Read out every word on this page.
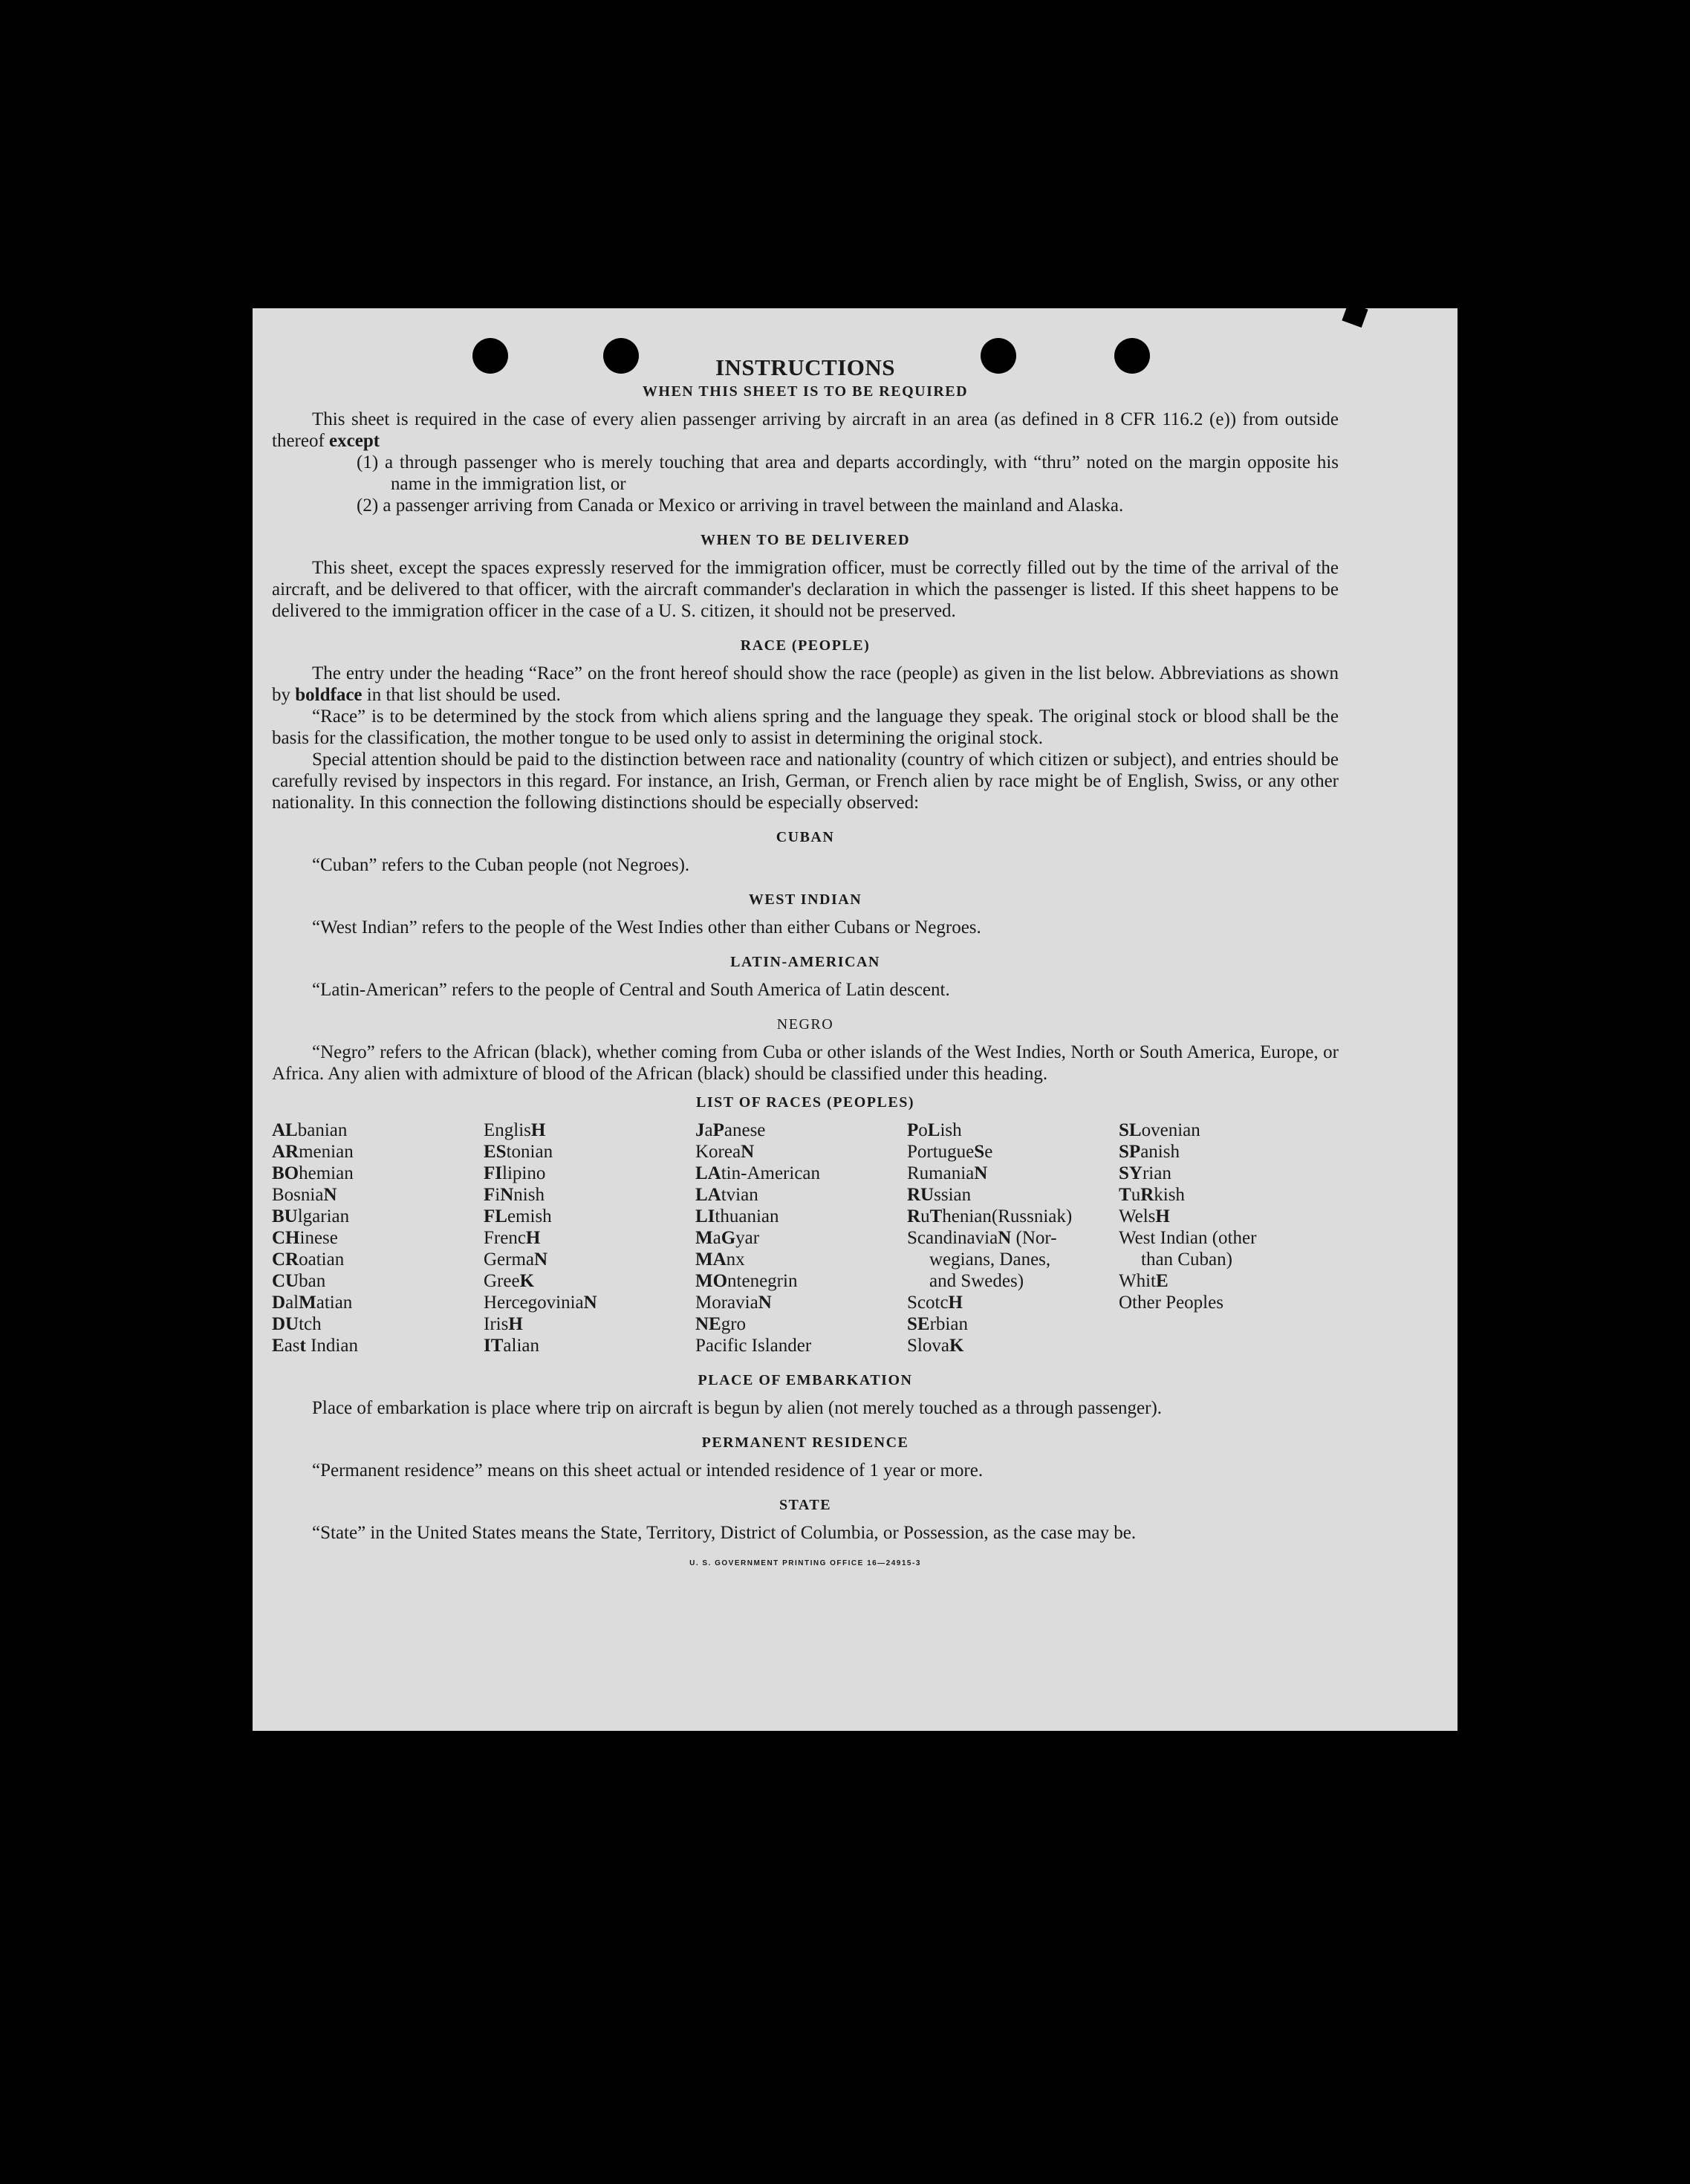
INSTRUCTIONS
WHEN THIS SHEET IS TO BE REQUIRED

This sheet is required in the case of every alien passenger arriving by aircraft in an area (as defined in 8 CFR 116.2 (e)) from outside thereof except

(1) a through passenger who is merely touching that area and departs accordingly, with “thru” noted on the margin opposite his name in the immigration list, or

(2) a passenger arriving from Canada or Mexico or arriving in travel between the mainland and Alaska.

WHEN TO BE DELIVERED

This sheet, except the spaces expressly reserved for the immigration officer, must be correctly filled out by the time of the arrival of the aircraft, and be delivered to that officer, with the aircraft commander's declaration in which the passenger is listed. If this sheet happens to be delivered to the immigration officer in the case of a U. S. citizen, it should not be preserved.

RACE (PEOPLE)

The entry under the heading “Race” on the front hereof should show the race (people) as given in the list below. Abbreviations as shown by boldface in that list should be used.

“Race” is to be determined by the stock from which aliens spring and the language they speak. The original stock or blood shall be the basis for the classification, the mother tongue to be used only to assist in determining the original stock.

Special attention should be paid to the distinction between race and nationality (country of which citizen or subject), and entries should be carefully revised by inspectors in this regard. For instance, an Irish, German, or French alien by race might be of English, Swiss, or any other nationality. In this connection the following distinctions should be especially observed:

CUBAN

“Cuban” refers to the Cuban people (not Negroes).

WEST INDIAN

“West Indian” refers to the people of the West Indies other than either Cubans or Negroes.

LATIN-AMERICAN

“Latin-American” refers to the people of Central and South America of Latin descent.

NEGRO

“Negro” refers to the African (black), whether coming from Cuba or other islands of the West Indies, North or South America, Europe, or Africa. Any alien with admixture of blood of the African (black) should be classified under this heading.

LIST OF RACES (PEOPLES)
ALbanian
ARmenian
BOhemian
BosniaN
BUlgarian
CHinese
CRoatian
CUban
DalMatian
DUtch
East Indian
EnglisH
EStonian
FIlipino
FiNnish
FLemish
FrencH
GermaN
GreeK
HercegoviniaN
IrisH
ITalian
JaPanese
KoreaN
LAtin-American
LAtvian
LIthuanian
MaGyar
MAnx
MOntenegrin
MoraviaN
NEgro
Pacific Islander
PoLish
PortugueSe
RumaniaN
RUssian
RuThenian(Russniak)
ScandinaviaN (Nor-
wegians, Danes,
and Swedes)
ScotcH
SErbian
SlovaK
SLovenian
SPanish
SYrian
TuRkish
WelsH
West Indian (other
than Cuban)
WhitE
Other Peoples
PLACE OF EMBARKATION

Place of embarkation is place where trip on aircraft is begun by alien (not merely touched as a through passenger).

PERMANENT RESIDENCE

“Permanent residence” means on this sheet actual or intended residence of 1 year or more.

STATE

“State” in the United States means the State, Territory, District of Columbia, or Possession, as the case may be.

U. S. GOVERNMENT PRINTING OFFICE 16—24915-3
